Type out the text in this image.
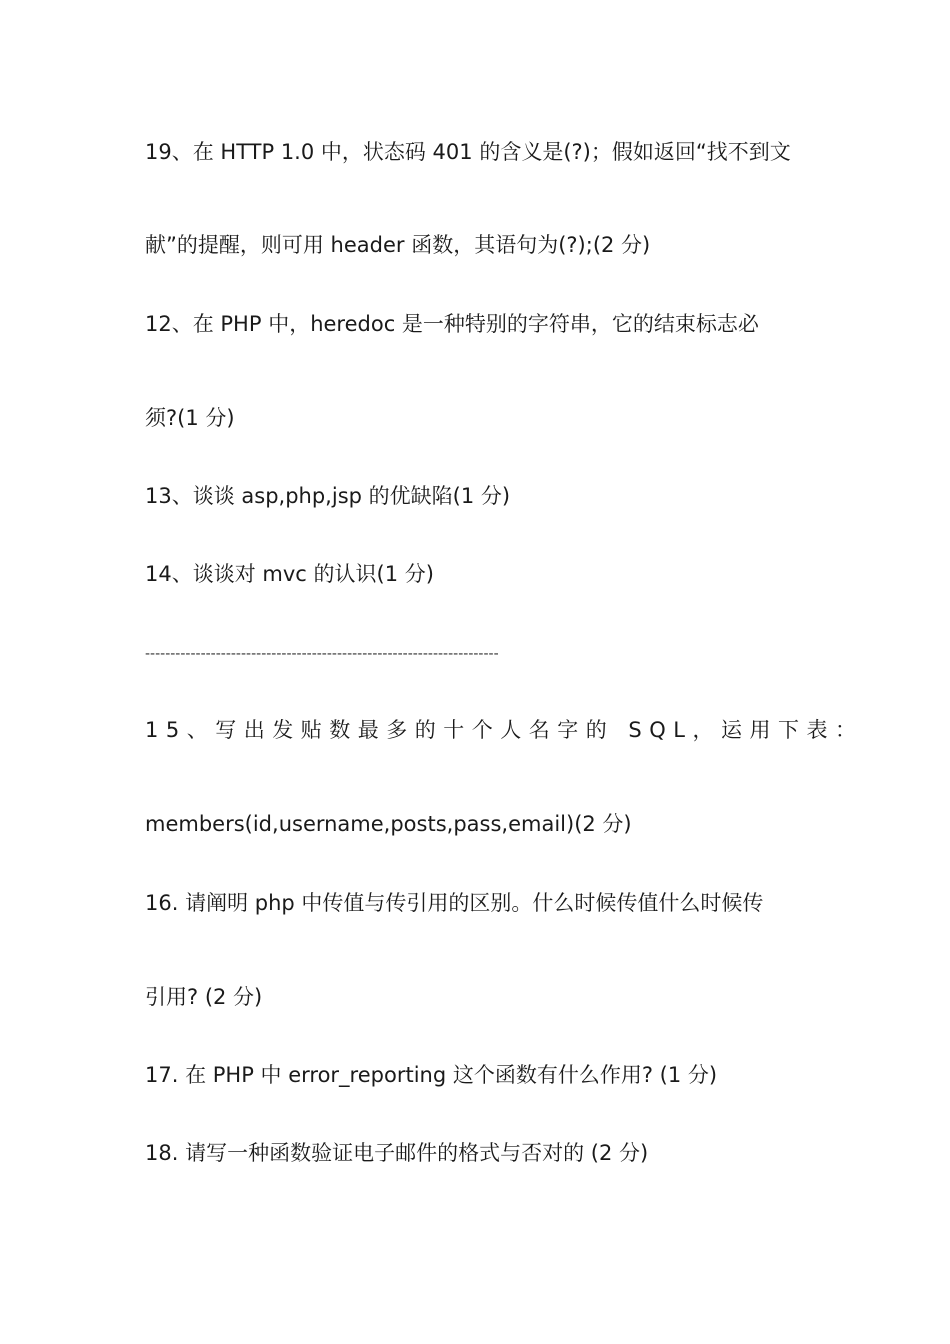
19、在 HTTP 1.0 中，状态码 401 的含义是(?)；假如返回“找不到文
献”的提醒，则可用 header 函数，其语句为(?);(2 分)
12、在 PHP 中，heredoc 是一种特别的字符串，它的结束标志必
须?(1 分)
13、谈谈 asp,php,jsp 的优缺陷(1 分)
14、谈谈对 mvc 的认识(1 分)
----------------------------------------------------------------------
15、写出发贴数最多的十个人名字的 SQL，运用下表：
members(id,username,posts,pass,email)(2 分)
16. 请阐明 php 中传值与传引用的区别。什么时候传值什么时候传
引用? (2 分)
17. 在 PHP 中 error_reporting 这个函数有什么作用? (1 分)
18. 请写一种函数验证电子邮件的格式与否对的 (2 分)
